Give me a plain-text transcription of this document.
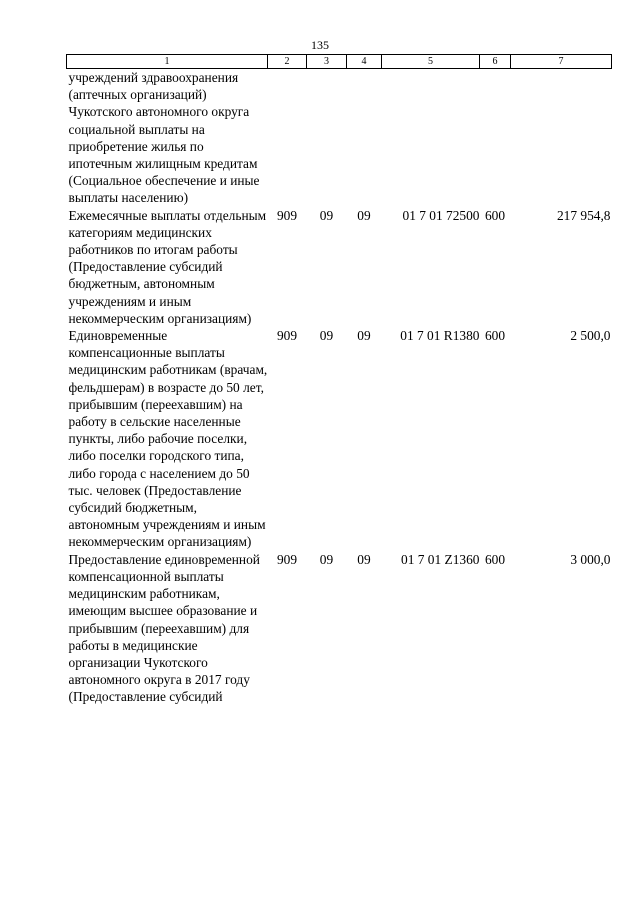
135
1	2	3	4	5	6	7
учреждений здравоохранения (аптечных организаций) Чукотского автономного округа социальной выплаты на приобретение жилья по ипотечным жилищным кредитам (Социальное обеспечение и иные выплаты населению)						
Ежемесячные выплаты отдельным категориям медицинских работников по итогам работы (Предоставление субсидий бюджетным, автономным учреждениям и иным некоммерческим организациям)	909	09	09	01 7 01 72500	600	217 954,8
Единовременные компенсационные выплаты медицинским работникам (врачам, фельдшерам) в возрасте до 50 лет, прибывшим (переехавшим) на работу в сельские населенные пункты, либо рабочие поселки, либо поселки городского типа, либо города с населением до 50 тыс. человек (Предоставление субсидий бюджетным, автономным учреждениям и иным некоммерческим организациям)	909	09	09	01 7 01 R1380	600	2 500,0
Предоставление единовременной компенсационной выплаты медицинским работникам, имеющим высшее образование и прибывшим (переехавшим) для работы в медицинские организации Чукотского автономного округа в 2017 году (Предоставление субсидий	909	09	09	01 7 01 Z1360	600	3 000,0
